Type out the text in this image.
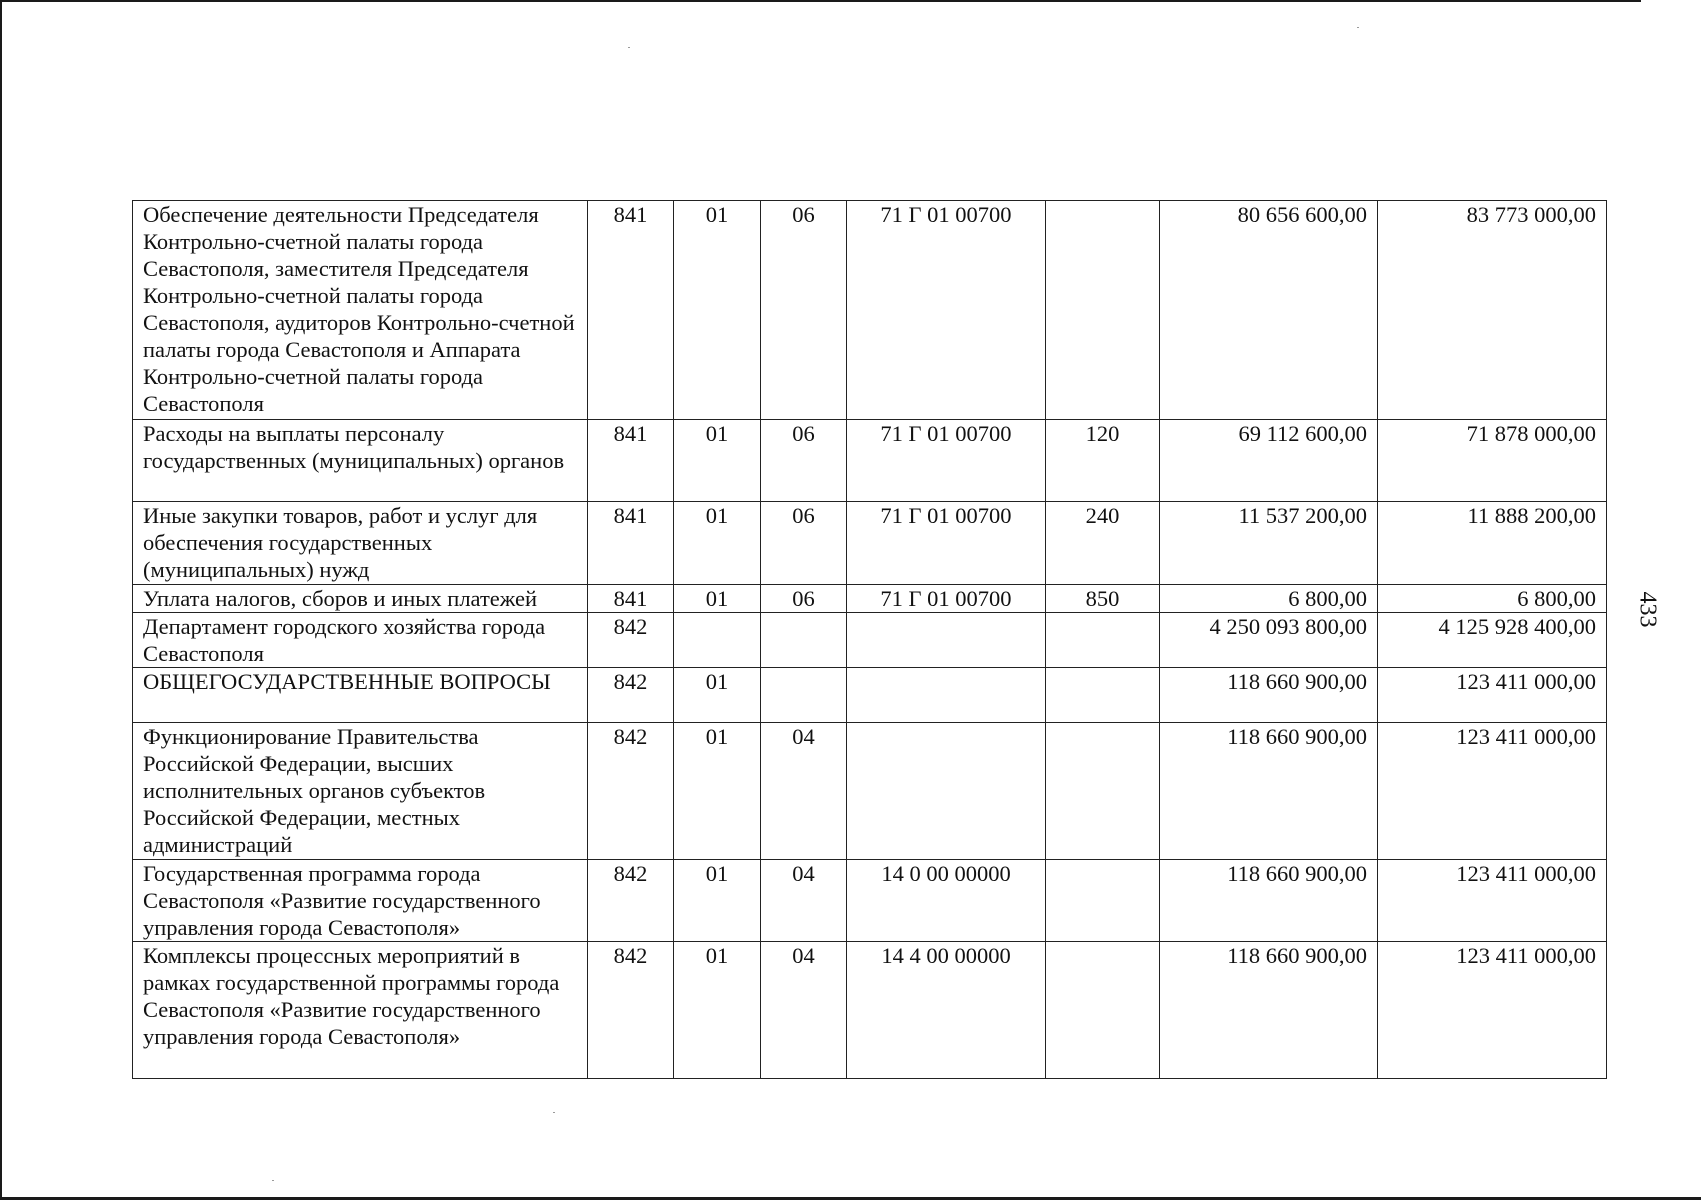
Обеспечение деятельности Председателя Контрольно-счетной палаты города Севастополя, заместителя Председателя Контрольно-счетной палаты города Севастополя, аудиторов Контрольно-счетной палаты города Севастополя и Аппарата Контрольно-счетной палаты города Севастополя	841	01	06	71 Г 01 00700		80 656 600,00	83 773 000,00
Расходы на выплаты персоналу государственных (муниципальных) органов	841	01	06	71 Г 01 00700	120	69 112 600,00	71 878 000,00
Иные закупки товаров, работ и услуг для обеспечения государственных (муниципальных) нужд	841	01	06	71 Г 01 00700	240	11 537 200,00	11 888 200,00
Уплата налогов, сборов и иных платежей	841	01	06	71 Г 01 00700	850	6 800,00	6 800,00
Департамент городского хозяйства города Севастополя	842					4 250 093 800,00	4 125 928 400,00
ОБЩЕГОСУДАРСТВЕННЫЕ ВОПРОСЫ	842	01				118 660 900,00	123 411 000,00
Функционирование Правительства Российской Федерации, высших исполнительных органов субъектов Российской Федерации, местных администраций	842	01	04			118 660 900,00	123 411 000,00
Государственная программа города Севастополя «Развитие государственного управления города Севастополя»	842	01	04	14 0 00 00000		118 660 900,00	123 411 000,00
Комплексы процессных мероприятий в рамках государственной программы города Севастополя «Развитие государственного управления города Севастополя»	842	01	04	14 4 00 00000		118 660 900,00	123 411 000,00
433
